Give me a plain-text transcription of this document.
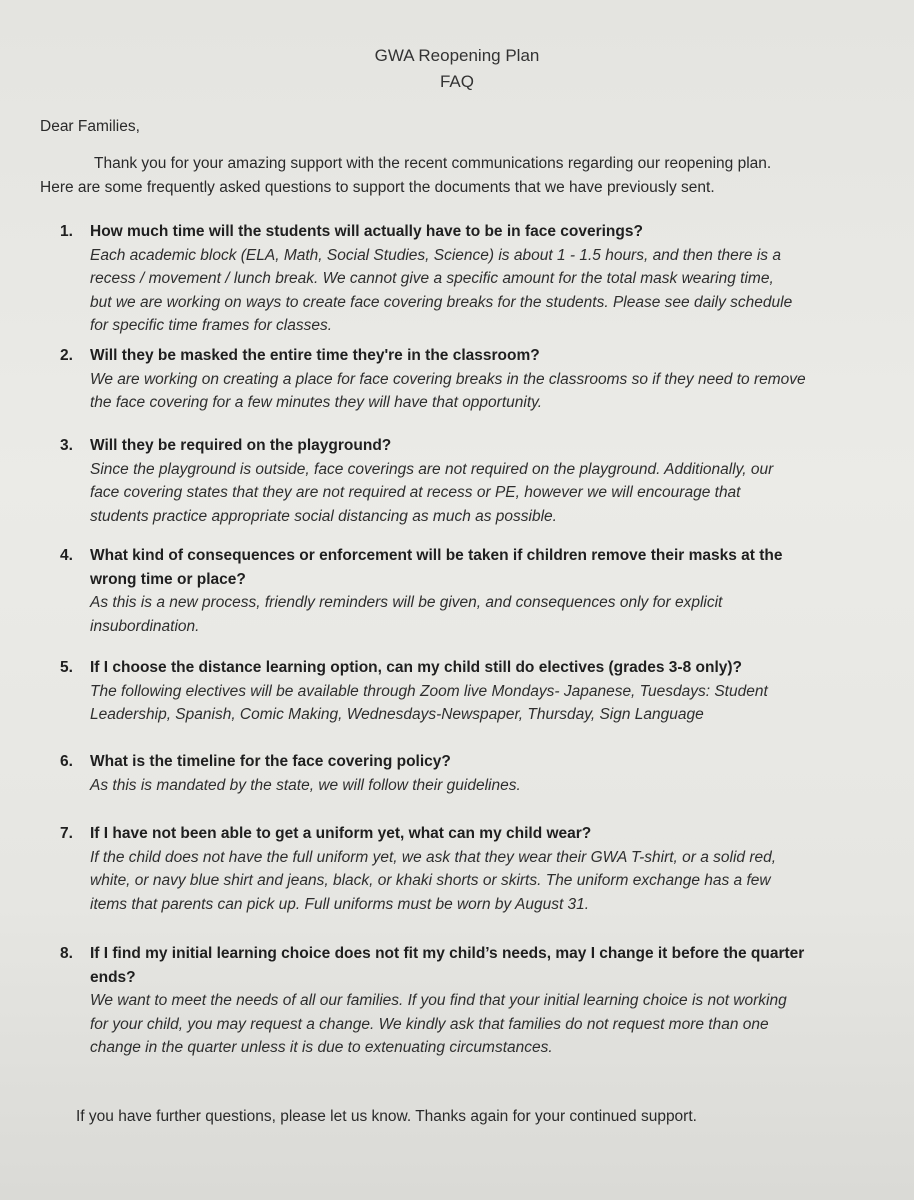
GWA Reopening Plan
FAQ
Dear Families,
Thank you for your amazing support with the recent communications regarding our reopening plan.
Here are some frequently asked questions to support the documents that we have previously sent.
1. How much time will the students will actually have to be in face coverings?
Each academic block (ELA, Math, Social Studies, Science) is about 1 - 1.5 hours, and then there is a
recess / movement / lunch break. We cannot give a specific amount for the total mask wearing time,
but we are working on ways to create face covering breaks for the students. Please see daily schedule
for specific time frames for classes.
2. Will they be masked the entire time they're in the classroom?
We are working on creating a place for face covering breaks in the classrooms so if they need to remove
the face covering for a few minutes they will have that opportunity.
3. Will they be required on the playground?
Since the playground is outside, face coverings are not required on the playground. Additionally, our
face covering states that they are not required at recess or PE, however we will encourage that
students practice appropriate social distancing as much as possible.
4. What kind of consequences or enforcement will be taken if children remove their masks at the
wrong time or place?
As this is a new process, friendly reminders will be given, and consequences only for explicit
insubordination.
5. If I choose the distance learning option, can my child still do electives (grades 3-8 only)?
The following electives will be available through Zoom live Mondays- Japanese, Tuesdays: Student
Leadership, Spanish, Comic Making, Wednesdays-Newspaper, Thursday, Sign Language
6. What is the timeline for the face covering policy?
As this is mandated by the state, we will follow their guidelines.
7. If I have not been able to get a uniform yet, what can my child wear?
If the child does not have the full uniform yet, we ask that they wear their GWA T-shirt, or a solid red,
white, or navy blue shirt and jeans, black, or khaki shorts or skirts. The uniform exchange has a few
items that parents can pick up. Full uniforms must be worn by August 31.
8. If I find my initial learning choice does not fit my child’s needs, may I change it before the quarter
ends?
We want to meet the needs of all our families. If you find that your initial learning choice is not working
for your child, you may request a change. We kindly ask that families do not request more than one
change in the quarter unless it is due to extenuating circumstances.
If you have further questions, please let us know. Thanks again for your continued support.
